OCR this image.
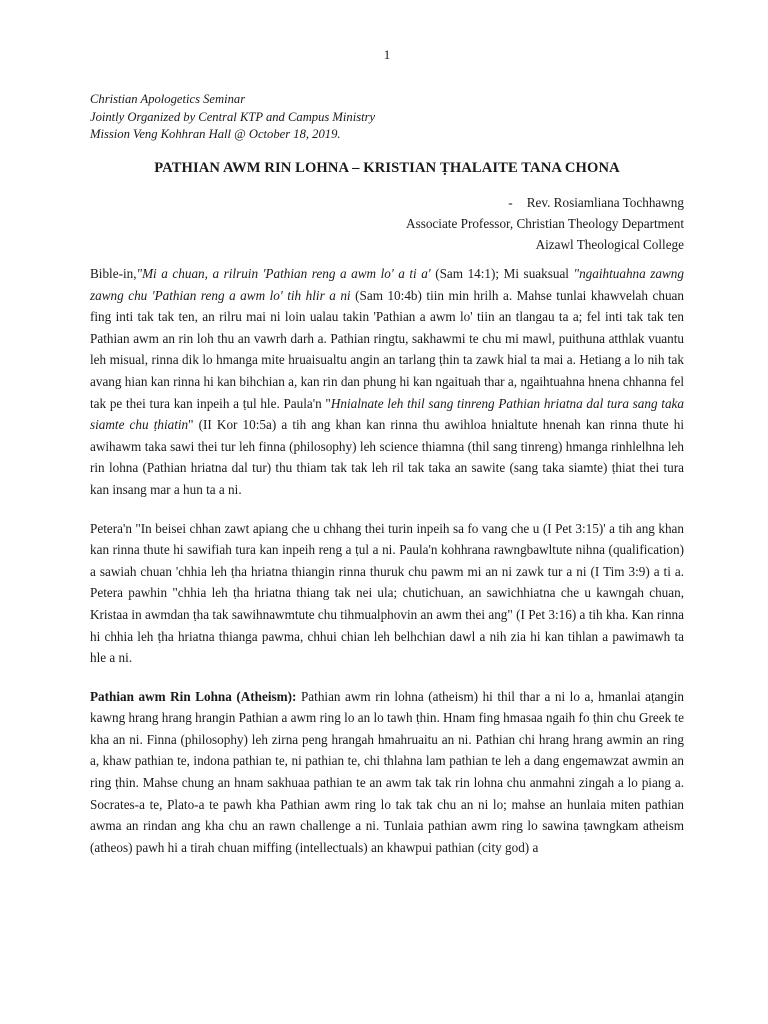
1
Christian Apologetics Seminar
Jointly Organized by Central KTP and Campus Ministry
Mission Veng Kohhran Hall @ October 18, 2019.
PATHIAN AWM RIN LOHNA – KRISTIAN ṬHALAITE TANA CHONA
- Rev. Rosiamliana Tochhawng
Associate Professor, Christian Theology Department
Aizawl Theological College

Bible-in,"Mi a chuan, a rilruin 'Pathian reng a awm lo' a ti a' (Sam 14:1); Mi suaksual "ngaihtuahna zawng zawng chu 'Pathian reng a awm lo' tih hlir a ni (Sam 10:4b) tiin min hrilh a. Mahse tunlai khawvelah chuan fing inti tak tak ten, an rilru mai ni loin ualau takin 'Pathian a awm lo' tiin an tlangau ta a; fel inti tak tak ten Pathian awm an rin loh thu an vawrh darh a. Pathian ringtu, sakhawmi te chu mi mawl, puithuna atthlak vuantu leh misual, rinna dik lo hmanga mite hruaisualtu angin an tarlang ṭhin ta zawk hial ta mai a. Hetiang a lo nih tak avang hian kan rinna hi kan bihchian a, kan rin dan phung hi kan ngaituah thar a, ngaihtuahna hnena chhanna fel tak pe thei tura kan inpeih a ṭul hle. Paula'n "Hnialnate leh thil sang tinreng Pathian hriatna dal tura sang taka siamte chu ṭhiatin" (II Kor 10:5a) a tih ang khan kan rinna thu awihloa hnialtute hnenah kan rinna thute hi awihawm taka sawi thei tur leh finna (philosophy) leh science thiamna (thil sang tinreng) hmanga rinhlelhna leh rin lohna (Pathian hriatna dal tur) thu thiam tak tak leh ril tak taka an sawite (sang taka siamte) ṭhiat thei tura kan insang mar a hun ta a ni.

Petera'n "In beisei chhan zawt apiang che u chhang thei turin inpeih sa fo vang che u (I Pet 3:15)' a tih ang khan kan rinna thute hi sawifiah tura kan inpeih reng a ṭul a ni. Paula'n kohhrana rawngbawltute nihna (qualification) a sawiah chuan 'chhia leh ṭha hriatna thiangin rinna thuruk chu pawm mi an ni zawk tur a ni (I Tim 3:9) a ti a. Petera pawhin "chhia leh ṭha hriatna thiang tak nei ula; chutichuan, an sawichhiatna che u kawngah chuan, Kristaa in awmdan ṭha tak sawihnawmtute chu tihmualphovin an awm thei ang" (I Pet 3:16) a tih kha. Kan rinna hi chhia leh ṭha hriatna thianga pawma, chhui chian leh belhchian dawl a nih zia hi kan tihlan a pawimawh ta hle a ni.

Pathian awm Rin Lohna (Atheism): Pathian awm rin lohna (atheism) hi thil thar a ni lo a, hmanlai aṭangin kawng hrang hrang hrangin Pathian a awm ring lo an lo tawh ṭhin. Hnam fing hmasaa ngaih fo ṭhin chu Greek te kha an ni. Finna (philosophy) leh zirna peng hrangah hmahruaitu an ni. Pathian chi hrang hrang awmin an ring a, khaw pathian te, indona pathian te, ni pathian te, chi thlahna lam pathian te leh a dang engemawzat awmin an ring ṭhin. Mahse chung an hnam sakhuaa pathian te an awm tak tak rin lohna chu anmahni zingah a lo piang a. Socrates-a te, Plato-a te pawh kha Pathian awm ring lo tak tak chu an ni lo; mahse an hunlaia miten pathian awma an rindan ang kha chu an rawn challenge a ni. Tunlaia pathian awm ring lo sawina ṭawngkam atheism (atheos) pawh hi a tirah chuan miffing (intellectuals) an khawpui pathian (city god) a
